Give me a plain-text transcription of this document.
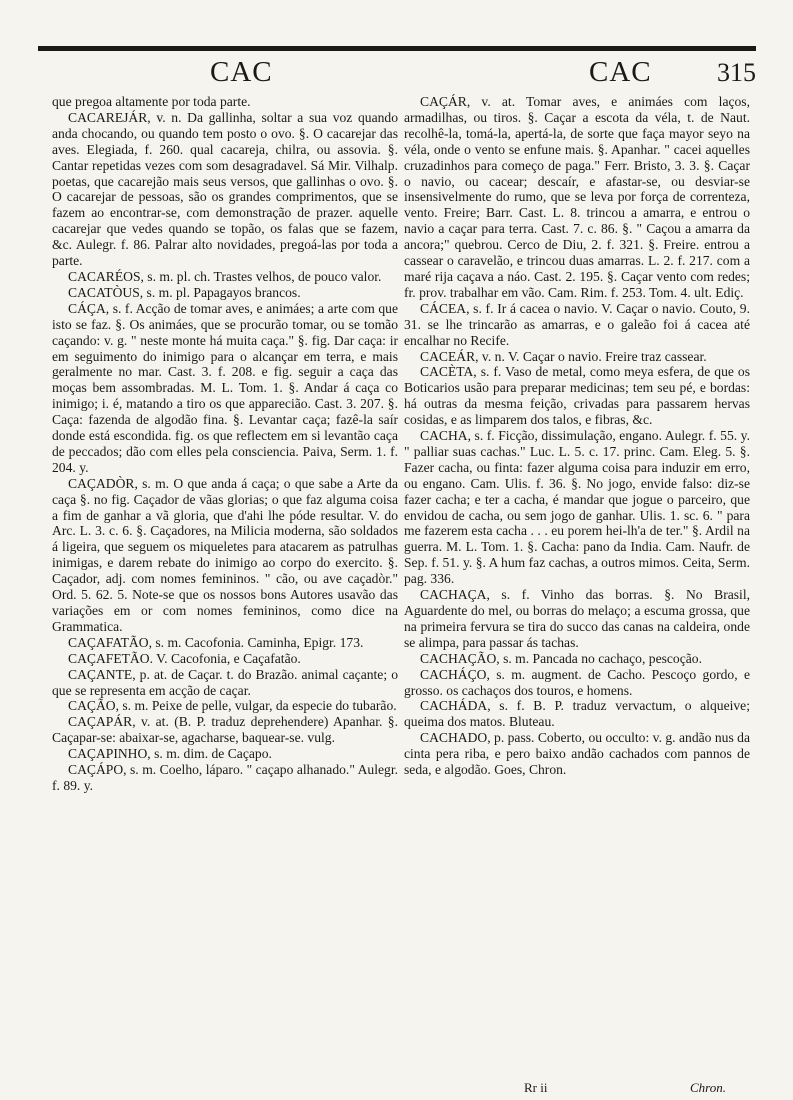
CAC	CAC	315

que pregoa altamente por toda parte.

CACAREJÁR, v. n. Da gallinha, soltar a sua voz quando anda chocando, ou quando tem posto o ovo. §. O cacarejar das aves. Elegiada, f. 260. qual cacareja, chilra, ou assovia. §. Cantar repetidas vezes com som desagradavel. Sá Mir. Vilhalp. poetas, que cacarejão mais seus versos, que gallinhas o ovo. §. O cacarejar de pessoas, são os grandes comprimentos, que se fazem ao encontrar-se, com demonstração de prazer. aquelle cacarejar que vedes quando se topão, os falas que se fazem, &c. Aulegr. f. 86. Palrar alto novidades, pregoá-las por toda a parte.

CACARÉOS, s. m. pl. ch. Trastes velhos, de pouco valor.

CACATÒUS, s. m. pl. Papagayos brancos.

CÁÇA, s. f. Acção de tomar aves, e animáes; a arte com que isto se faz. §. Os animáes, que se procurão tomar, ou se tomão caçando: v. g. " neste monte há muita caça." §. fig. Dar caça: ir em seguimento do inimigo para o alcançar em terra, e mais geralmente no mar. Cast. 3. f. 208. e fig. seguir a caça das moças bem assombradas. M. L. Tom. 1. §. Andar á caça co inimigo; i. é, matando a tiro os que apparecião. Cast. 3. 207. §. Caça: fazenda de algodão fina. §. Levantar caça; fazê-la saír donde está escondida. fig. os que reflectem em si levantão caça de peccados; dão com elles pela consciencia. Paiva, Serm. 1. f. 204. y.

CAÇADÒR, s. m. O que anda á caça; o que sabe a Arte da caça §. no fig. Caçador de vãas glorias; o que faz alguma coisa a fim de ganhar a vã gloria, que d'ahi lhe póde resultar. V. do Arc. L. 3. c. 6. §. Caçadores, na Milicia moderna, são soldados á ligeira, que seguem os miqueletes para atacarem as patrulhas inimigas, e darem rebate do inimigo ao corpo do exercito. §. Caçador, adj. com nomes femininos. " cão, ou ave caçadòr." Ord. 5. 62. 5. Note-se que os nossos bons Autores usavão das variações em or com nomes femininos, como dice na Grammatica.

CAÇAFATÃO, s. m. Cacofonia. Caminha, Epigr. 173.

CAÇAFETÃO. V. Cacofonia, e Caçafatão.

CAÇANTE, p. at. de Caçar. t. do Brazão. animal caçante; o que se representa em acção de caçar.

CAÇÃO, s. m. Peixe de pelle, vulgar, da especie do tubarão.

CAÇAPÁR, v. at. (B. P. traduz deprehendere) Apanhar. §. Caçapar-se: abaixar-se, agacharse, baquear-se. vulg.

CAÇAPINHO, s. m. dim. de Caçapo.

CAÇÁPO, s. m. Coelho, láparo. " caçapo alhanado." Aulegr. f. 89. y.

CAÇÁR, v. at. Tomar aves, e animáes com laços, armadilhas, ou tiros. §. Caçar a escota da véla, t. de Naut. recolhê-la, tomá-la, apertá-la, de sorte que faça mayor seyo na véla, onde o vento se enfune mais. §. Apanhar. " cacei aquelles cruzadinhos para começo de paga." Ferr. Bristo, 3. 3. §. Caçar o navio, ou cacear; descaír, e afastar-se, ou desviar-se insensivelmente do rumo, que se leva por força de correnteza, vento. Freire; Barr. Cast. L. 8. trincou a amarra, e entrou o navio a caçar para terra. Cast. 7. c. 86. §. " Caçou a amarra da ancora;" quebrou. Cerco de Diu, 2. f. 321. §. Freire. entrou a cassear o caravelão, e trincou duas amarras. L. 2. f. 217. com a maré rija caçava a náo. Cast. 2. 195. §. Caçar vento com redes; fr. prov. trabalhar em vão. Cam. Rim. f. 253. Tom. 4. ult. Ediç.

CÁCEA, s. f. Ir á cacea o navio. V. Caçar o navio. Couto, 9. 31. se lhe trincarão as amarras, e o galeão foi á cacea até encalhar no Recife.

CACEÁR, v. n. V. Caçar o navio. Freire traz cassear.

CACÈTA, s. f. Vaso de metal, como meya esfera, de que os Boticarios usão para preparar medicinas; tem seu pé, e bordas: há outras da mesma feição, crivadas para passarem hervas cosidas, e as limparem dos talos, e fibras, &c.

CACHA, s. f. Ficção, dissimulação, engano. Aulegr. f. 55. y. " palliar suas cachas." Luc. L. 5. c. 17. princ. Cam. Eleg. 5. §. Fazer cacha, ou finta: fazer alguma coisa para induzir em erro, ou engano. Cam. Ulis. f. 36. §. No jogo, envide falso: diz-se fazer cacha; e ter a cacha, é mandar que jogue o parceiro, que envidou de cacha, ou sem jogo de ganhar. Ulis. 1. sc. 6. " para me fazerem esta cacha . . . eu porem hei-lh'a de ter." §. Ardil na guerra. M. L. Tom. 1. §. Cacha: pano da India. Cam. Naufr. de Sep. f. 51. y. §. A hum faz cachas, a outros mimos. Ceita, Serm. pag. 336.

CACHAÇA, s. f. Vinho das borras. §. No Brasil, Aguardente do mel, ou borras do melaço; a escuma grossa, que na primeira fervura se tira do succo das canas na caldeira, onde se alimpa, para passar ás tachas.

CACHAÇÃO, s. m. Pancada no cachaço, pescoção.

CACHÁÇO, s. m. augment. de Cacho. Pescoço gordo, e grosso. os cachaços dos touros, e homens.

CACHÁDA, s. f. B. P. traduz vervactum, o alqueive; queima dos matos. Bluteau.

CACHADO, p. pass. Coberto, ou occulto: v. g. andão nus da cinta pera riba, e pero baixo andão cachados com pannos de seda, e algodão. Goes, Chron.

Rr ii	Chron.
